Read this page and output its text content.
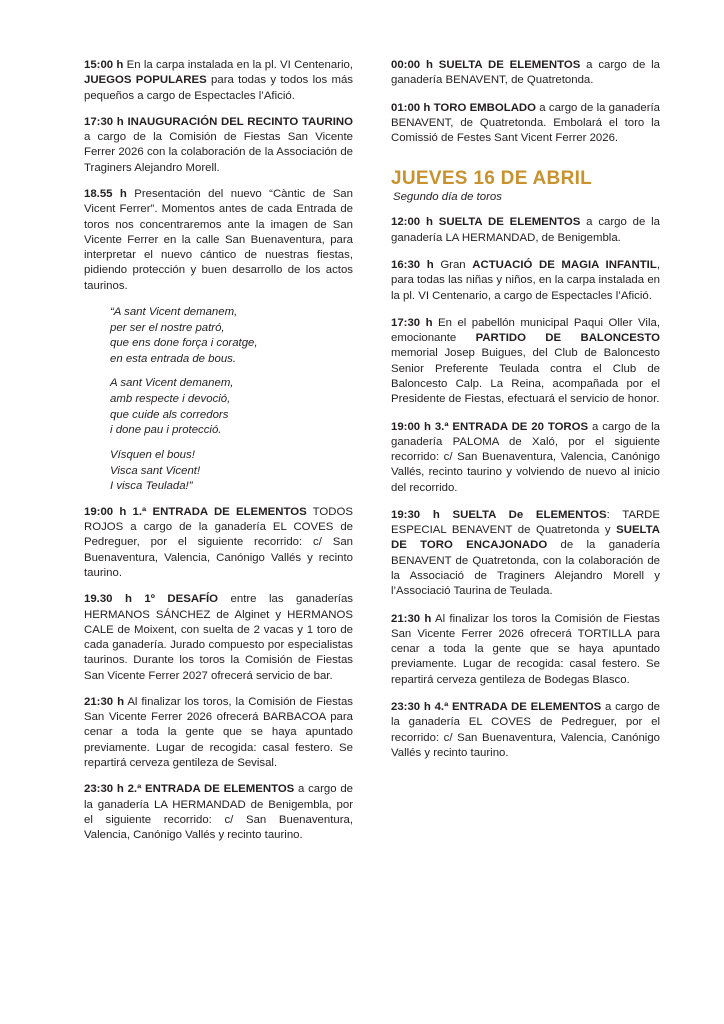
15:00 h En la carpa instalada en la pl. VI Centenario, JUEGOS POPULARES para todas y todos los más pequeños a cargo de Espectacles l’Afició.
17:30 h INAUGURACIÓN DEL RECINTO TAURINO a cargo de la Comisión de Fiestas San Vicente Ferrer 2026 con la colaboración de la Associación de Traginers Alejandro Morell.
18.55 h Presentación del nuevo “Càntic de San Vicent Ferrer”. Momentos antes de cada Entrada de toros nos concentraremos ante la imagen de San Vicente Ferrer en la calle San Buenaventura, para interpretar el nuevo cántico de nuestras fiestas, pidiendo protección y buen desarrollo de los actos taurinos.
“A sant Vicent demanem,
per ser el nostre patró,
que ens done força i coratge,
en esta entrada de bous.
A sant Vicent demanem,
amb respecte i devoció,
que cuide als corredors
i done pau i protecció.
Vísquen el bous!
Visca sant Vicent!
I visca Teulada!”
19:00 h 1.ª ENTRADA DE ELEMENTOS TODOS ROJOS a cargo de la ganadería EL COVES de Pedreguer, por el siguiente recorrido: c/ San Buenaventura, Valencia, Canónigo Vallés y recinto taurino.
19.30 h 1º DESAFÍO entre las ganaderías HERMANOS SÁNCHEZ de Alginet y HERMANOS CALE de Moixent, con suelta de 2 vacas y 1 toro de cada ganadería. Jurado compuesto por especialistas taurinos. Durante los toros la Comisión de Fiestas San Vicente Ferrer 2027 ofrecerá servicio de bar.
21:30 h Al finalizar los toros, la Comisión de Fiestas San Vicente Ferrer 2026 ofrecerá BARBACOA para cenar a toda la gente que se haya apuntado previamente. Lugar de recogida: casal festero. Se repartirá cerveza gentileza de Sevisal.
23:30 h 2.ª ENTRADA DE ELEMENTOS a cargo de la ganadería LA HERMANDAD de Benigembla, por el siguiente recorrido: c/ San Buenaventura, Valencia, Canónigo Vallés y recinto taurino.
00:00 h SUELTA DE ELEMENTOS a cargo de la ganadería BENAVENT, de Quatretonda.
01:00 h TORO EMBOLADO a cargo de la ganadería BENAVENT, de Quatretonda. Embolará el toro la Comissió de Festes Sant Vicent Ferrer 2026.
JUEVES 16 DE ABRIL
Segundo día de toros
12:00 h SUELTA DE ELEMENTOS a cargo de la ganadería LA HERMANDAD, de Benigembla.
16:30 h Gran ACTUACIÓ DE MAGIA INFANTIL, para todas las niñas y niños, en la carpa instalada en la pl. VI Centenario, a cargo de Espectacles l’Afició.
17:30 h En el pabellón municipal Paqui Oller Vila, emocionante PARTIDO DE BALONCESTO memorial Josep Buigues, del Club de Baloncesto Senior Preferente Teulada contra el Club de Baloncesto Calp. La Reina, acompañada por el Presidente de Fiestas, efectuará el servicio de honor.
19:00 h 3.ª ENTRADA DE 20 TOROS a cargo de la ganadería PALOMA de Xaló, por el siguiente recorrido: c/ San Buenaventura, Valencia, Canónigo Vallés, recinto taurino y volviendo de nuevo al inicio del recorrido.
19:30 h SUELTA De ELEMENTOS: TARDE ESPECIAL BENAVENT de Quatretonda y SUELTA DE TORO ENCAJONADO de la ganadería BENAVENT de Quatretonda, con la colaboración de la Associació de Traginers Alejandro Morell y l’Associació Taurina de Teulada.
21:30 h Al finalizar los toros la Comisión de Fiestas San Vicente Ferrer 2026 ofrecerá TORTILLA para cenar a toda la gente que se haya apuntado previamente. Lugar de recogida: casal festero. Se repartirá cerveza gentileza de Bodegas Blasco.
23:30 h 4.ª ENTRADA DE ELEMENTOS a cargo de la ganadería EL COVES de Pedreguer, por el recorrido: c/ San Buenaventura, Valencia, Canónigo Vallés y recinto taurino.
